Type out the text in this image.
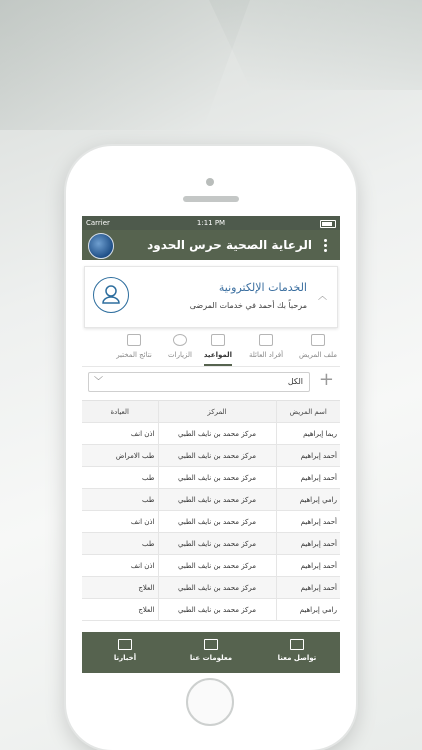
Carrier	1:11 PM
الرعاية الصحية حرس الحدود
الخدمات الإلكترونية
مرحباً بك أحمد في خدمات المرضى
︿
ملف المريض
أفراد العائلة
المواعيد
الزيارات
نتائج المختبر
الكل
﹀	+
اسم المريض	المركز	العيادة
ريما إبراهيم	مركز محمد بن نايف الطبي	اذن انف
أحمد إبراهيم	مركز محمد بن نايف الطبي	طب الامراض
أحمد إبراهيم	مركز محمد بن نايف الطبي	طب
رامي إبراهيم	مركز محمد بن نايف الطبي	طب
أحمد إبراهيم	مركز محمد بن نايف الطبي	اذن انف
أحمد إبراهيم	مركز محمد بن نايف الطبي	طب
أحمد إبراهيم	مركز محمد بن نايف الطبي	اذن انف
أحمد إبراهيم	مركز محمد بن نايف الطبي	العلاج
رامي إبراهيم	مركز محمد بن نايف الطبي	العلاج
أخبارنا	معلومات عنا	تواصل معنا
